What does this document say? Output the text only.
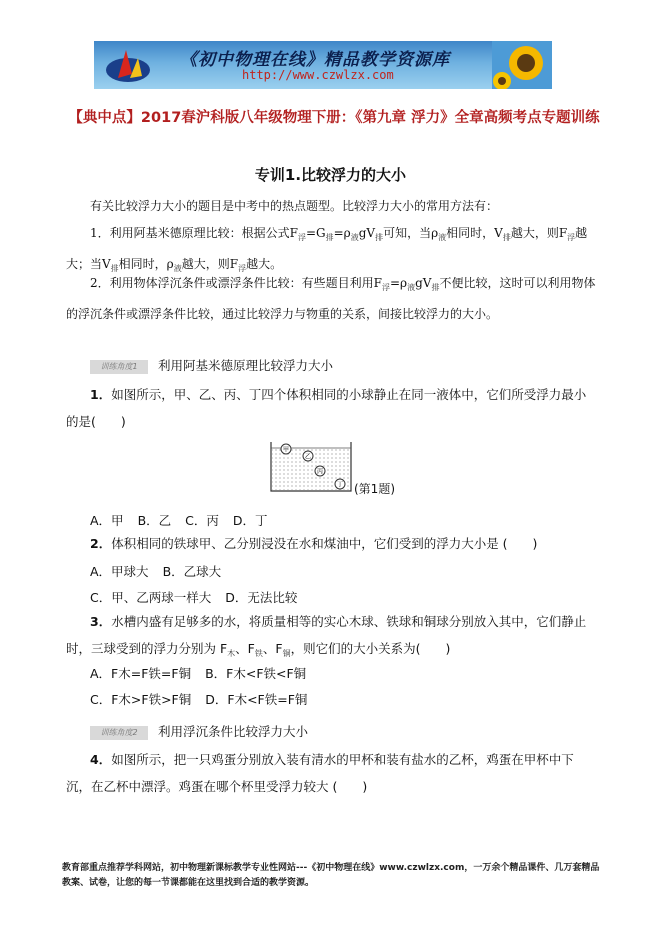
《初中物理在线》精品教学资源库
http://www.czwlzx.com
【典中点】2017春沪科版八年级物理下册：《第九章 浮力》全章高频考点专题训练
专训1.比较浮力的大小
有关比较浮力大小的题目是中考中的热点题型。比较浮力大小的常用方法有：
1．利用阿基米德原理比较：根据公式$F_浮=G_排=\rho_液gV_排$可知，当$\rho_液$相同时，$V_排$越大，则$F_浮$越大；当$V_排$相同时，$\rho_液$越大，则$F_浮$越大。
2．利用物体浮沉条件或漂浮条件比较：有些题目利用$F_浮=\rho_液gV_排$不便比较，这时可以利用物体的浮沉条件或漂浮条件比较，通过比较浮力与物重的关系，间接比较浮力的大小。
训练角度1 利用阿基米德原理比较浮力大小
1．如图所示，甲、乙、丙、丁四个体积相同的小球静止在同一液体中，它们所受浮力最小的是(　　)
甲
乙
丙
丁 (第1题)
A．甲 B．乙 C．丙 D．丁
2．体积相同的铁球甲、乙分别浸没在水和煤油中，它们受到的浮力大小是 (　　)
A．甲球大 B．乙球大
C．甲、乙两球一样大 D．无法比较
3．水槽内盛有足够多的水，将质量相等的实心木球、铁球和铜球分别放入其中，它们静止时，三球受到的浮力分别为 $F_木$、$F_铁$、$F_铜$，则它们的大小关系为(　　)
A．F木=F铁=F铜 B．F木<F铁<F铜
C．F木>F铁>F铜 D．F木<F铁=F铜
训练角度2 利用浮沉条件比较浮力大小
4．如图所示，把一只鸡蛋分别放入装有清水的甲杯和装有盐水的乙杯，鸡蛋在甲杯中下沉，在乙杯中漂浮。鸡蛋在哪个杯里受浮力较大 (　　)
教育部重点推荐学科网站，初中物理新课标教学专业性网站---《初中物理在线》www.czwlzx.com，一万余个精品课件、几万套精品教案、试卷，让您的每一节课都能在这里找到合适的教学资源。
